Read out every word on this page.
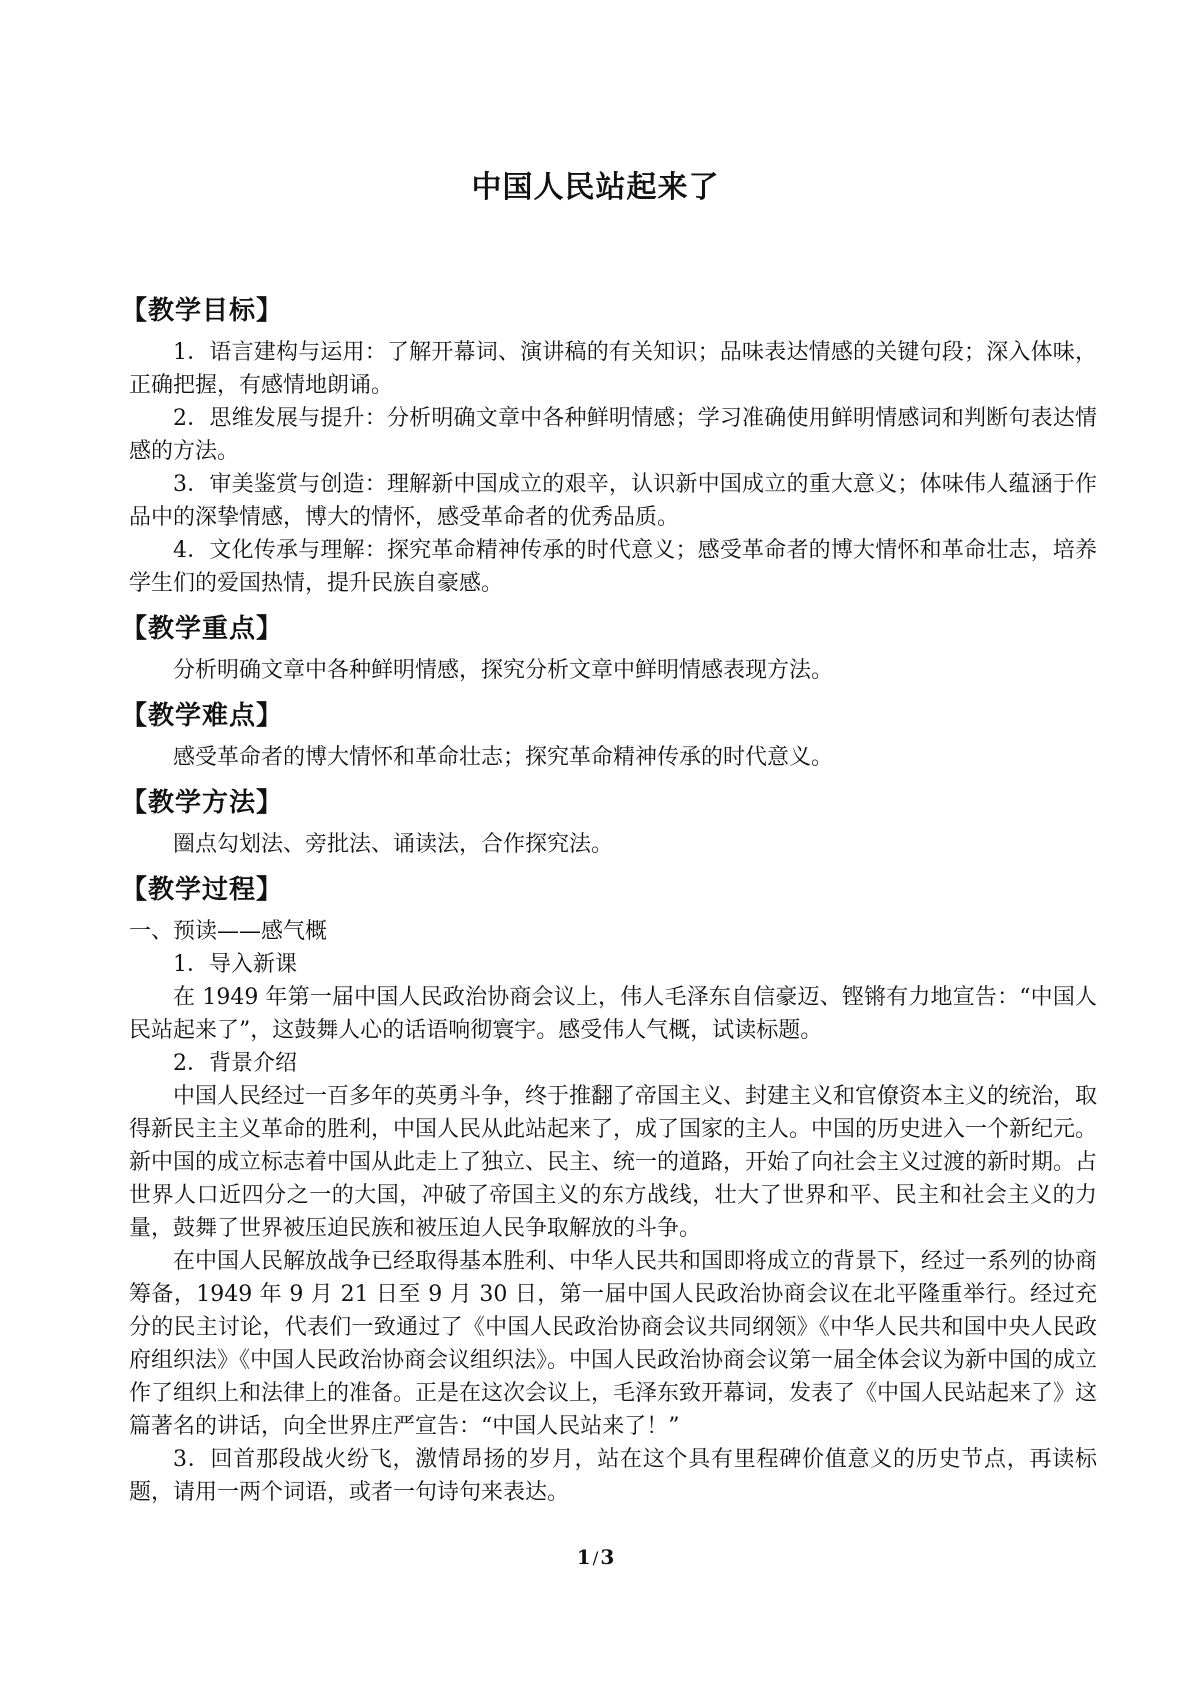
中国人民站起来了
【教学目标】

1．语言建构与运用：了解开幕词、演讲稿的有关知识；品味表达情感的关键句段；深入体味，正确把握，有感情地朗诵。

2．思维发展与提升：分析明确文章中各种鲜明情感；学习准确使用鲜明情感词和判断句表达情感的方法。

3．审美鉴赏与创造：理解新中国成立的艰辛，认识新中国成立的重大意义；体味伟人蕴涵于作品中的深挚情感，博大的情怀，感受革命者的优秀品质。

4．文化传承与理解：探究革命精神传承的时代意义；感受革命者的博大情怀和革命壮志，培养学生们的爱国热情，提升民族自豪感。

【教学重点】

分析明确文章中各种鲜明情感，探究分析文章中鲜明情感表现方法。

【教学难点】

感受革命者的博大情怀和革命壮志；探究革命精神传承的时代意义。

【教学方法】

圈点勾划法、旁批法、诵读法，合作探究法。

【教学过程】

一、预读——感气概

1．导入新课

在 1949 年第一届中国人民政治协商会议上，伟人毛泽东自信豪迈、铿锵有力地宣告：“中国人民站起来了”，这鼓舞人心的话语响彻寰宇。感受伟人气概，试读标题。

2．背景介绍

中国人民经过一百多年的英勇斗争，终于推翻了帝国主义、封建主义和官僚资本主义的统治，取得新民主主义革命的胜利，中国人民从此站起来了，成了国家的主人。中国的历史进入一个新纪元。新中国的成立标志着中国从此走上了独立、民主、统一的道路，开始了向社会主义过渡的新时期。占世界人口近四分之一的大国，冲破了帝国主义的东方战线，壮大了世界和平、民主和社会主义的力量，鼓舞了世界被压迫民族和被压迫人民争取解放的斗争。

在中国人民解放战争已经取得基本胜利、中华人民共和国即将成立的背景下，经过一系列的协商筹备，1949 年 9 月 21 日至 9 月 30 日，第一届中国人民政治协商会议在北平隆重举行。经过充分的民主讨论，代表们一致通过了《中国人民政治协商会议共同纲领》《中华人民共和国中央人民政府组织法》《中国人民政治协商会议组织法》。中国人民政治协商会议第一届全体会议为新中国的成立作了组织上和法律上的准备。正是在这次会议上，毛泽东致开幕词，发表了《中国人民站起来了》这篇著名的讲话，向全世界庄严宣告：“中国人民站来了！”

3．回首那段战火纷飞，激情昂扬的岁月，站在这个具有里程碑价值意义的历史节点，再读标题，请用一两个词语，或者一句诗句来表达。

1 / 3
